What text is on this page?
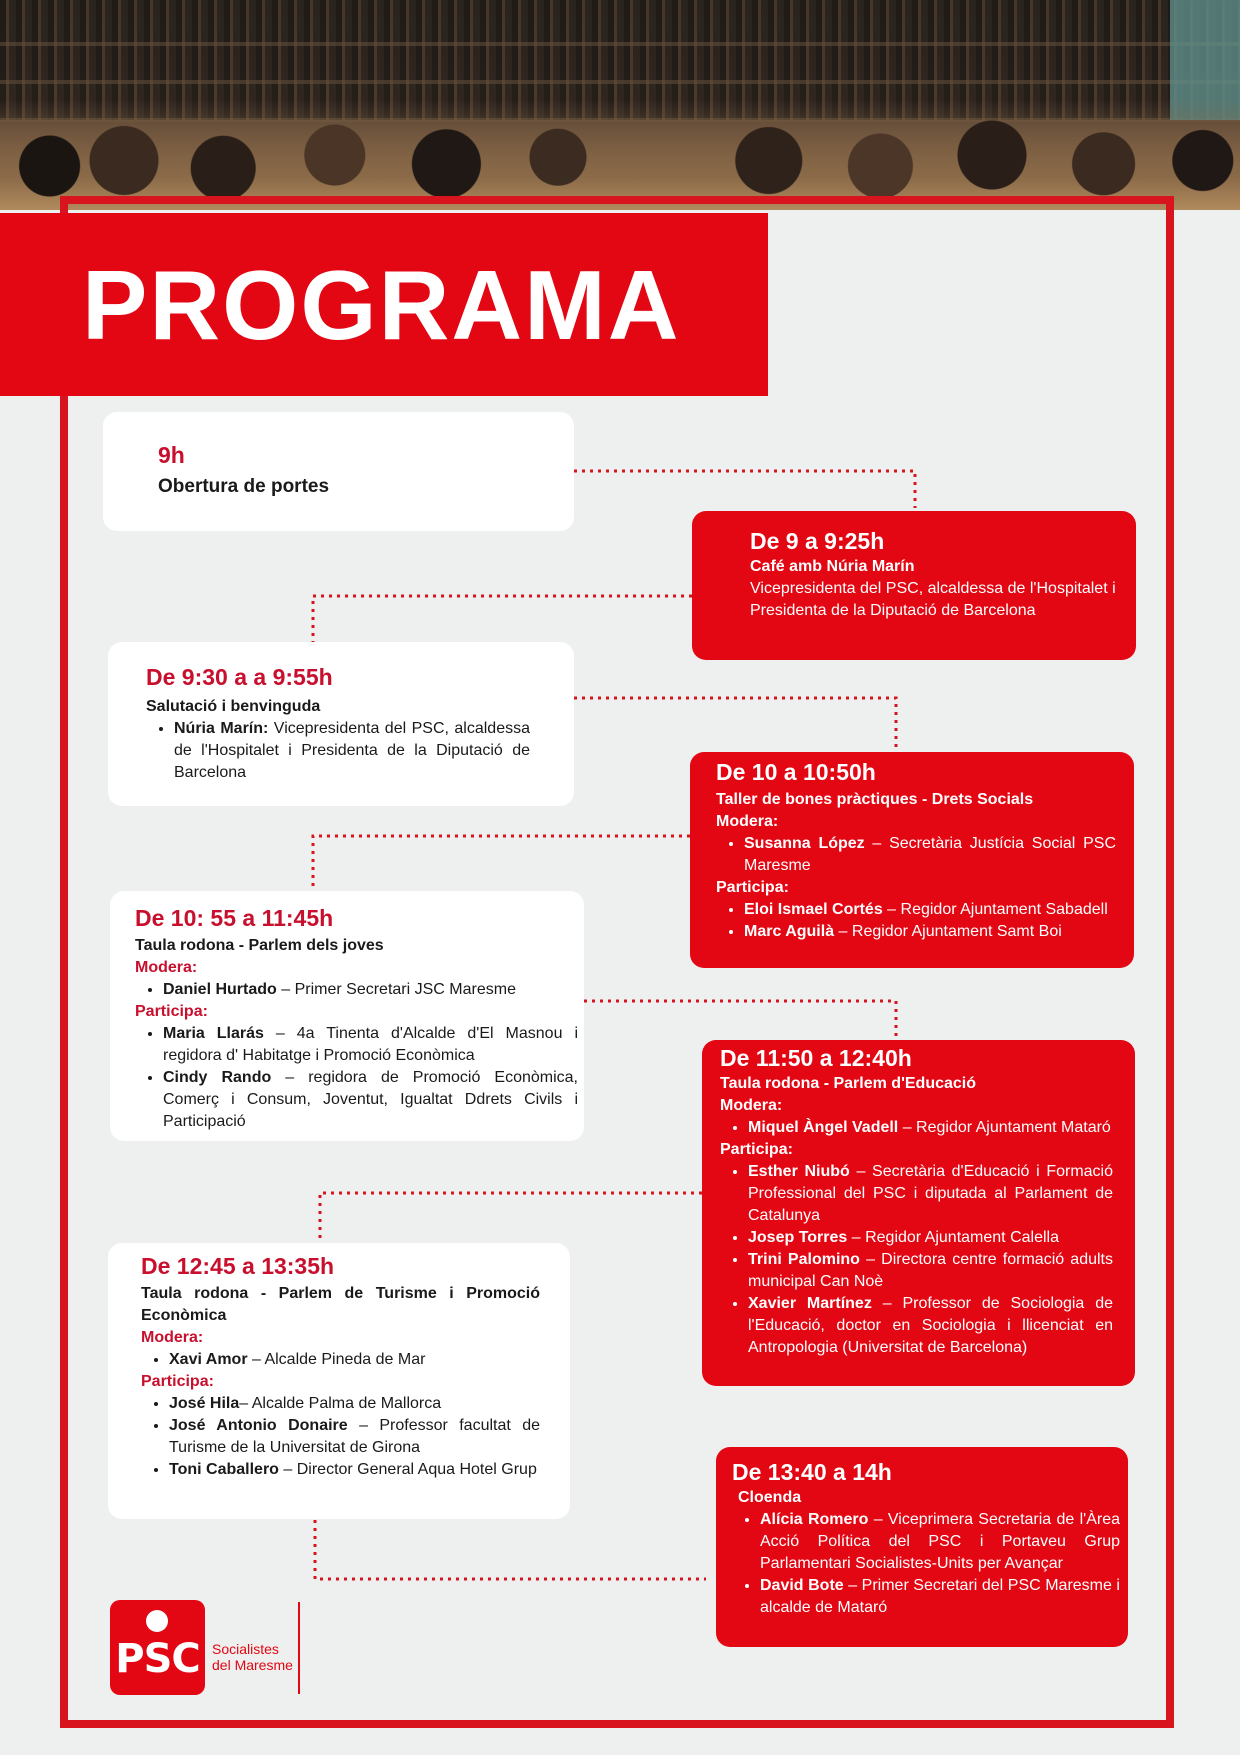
PROGRAMA
9h
Obertura de portes
De 9 a 9:25h
Café amb Núria Marín
Vicepresidenta del PSC, alcaldessa de l'Hospitalet i Presidenta de la Diputació de Barcelona
De 9:30 a a 9:55h
Salutació i benvinguda
• Núria Marín: Vicepresidenta del PSC, alcaldessa de l'Hospitalet i Presidenta de la Diputació de Barcelona	De 10 a 10:50h
Taller de bones pràctiques - Drets Socials
Modera:
• Susanna López – Secretària Justícia Social PSC Maresme
Participa:
• Eloi Ismael Cortés – Regidor Ajuntament Sabadell
• Marc Aguilà – Regidor Ajuntament Samt Boi
De 10: 55 a 11:45h
Taula rodona - Parlem dels joves
Modera:
• Daniel Hurtado – Primer Secretari JSC Maresme
Participa:
• Maria Llarás – 4a Tinenta d'Alcalde d'El Masnou i regidora d' Habitatge i Promoció Econòmica
• Cindy Rando – regidora de Promoció Econòmica, Comerç i Consum, Joventut, Igualtat Ddrets Civils i Participació
De 11:50 a 12:40h
Taula rodona - Parlem d'Educació
Modera:
• Miquel Àngel Vadell – Regidor Ajuntament Mataró
Participa:
• Esther Niubó – Secretària d'Educació i Formació Professional del PSC i diputada al Parlament de Catalunya
• Josep Torres – Regidor Ajuntament Calella
• Trini Palomino – Directora centre formació adults municipal Can Noè
• Xavier Martínez – Professor de Sociologia de l'Educació, doctor en Sociologia i llicenciat en Antropologia (Universitat de Barcelona)
De 12:45 a 13:35h
Taula rodona - Parlem de Turisme i Promoció Econòmica
Modera:
• Xavi Amor – Alcalde Pineda de Mar
Participa:
• José Hila– Alcalde Palma de Mallorca
• José Antonio Donaire – Professor facultat de Turisme de la Universitat de Girona
• Toni Caballero – Director General Aqua Hotel Grup	De 13:40 a 14h
Cloenda
• Alícia Romero – Viceprimera Secretaria de l'Àrea Acció Política del PSC i Portaveu Grup Parlamentari Socialistes-Units per Avançar
• David Bote – Primer Secretari del PSC Maresme i alcalde de Mataró
PSC Socialistes
del Maresme
